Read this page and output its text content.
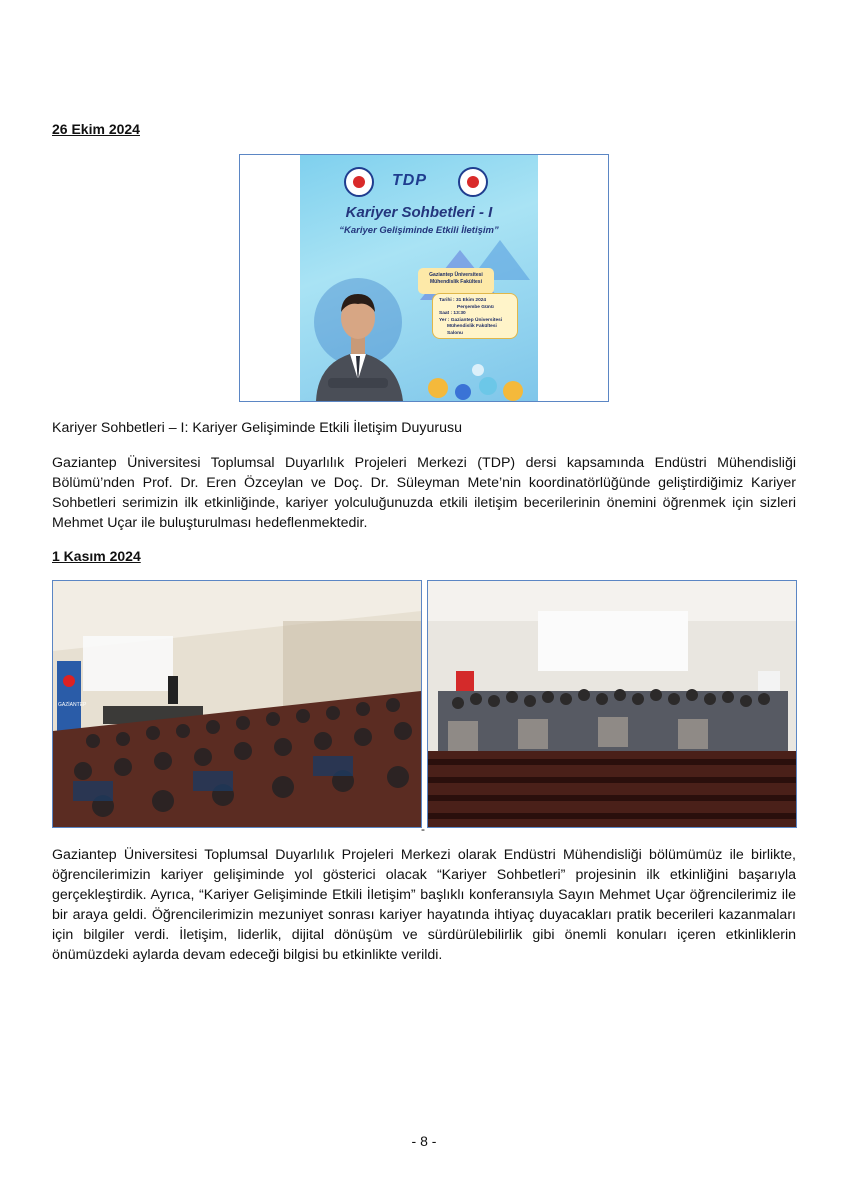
26 Ekim 2024
TDP
Kariyer Sohbetleri - I
“Kariyer Gelişiminde Etkili İletişim”
Gaziantep Üniversitesi Mühendislik Fakültesi
Tarihi : 31 Ekim 2024
Perşembe Günü
Saat : 13:30
Yer : Gaziantep Üniversitesi
Mühendislik Fakültesi Salonu
Kariyer Sohbetleri – I: Kariyer Gelişiminde Etkili İletişim Duyurusu
Gaziantep Üniversitesi Toplumsal Duyarlılık Projeleri Merkezi (TDP) dersi kapsamında Endüstri Mühendisliği Bölümü’nden Prof. Dr. Eren Özceylan ve Doç. Dr. Süleyman Mete’nin koordinatörlüğünde geliştirdiğimiz Kariyer Sohbetleri serimizin ilk etkinliğinde, kariyer yolculuğunuzda etkili iletişim becerilerinin önemini öğrenmek için sizleri Mehmet Uçar ile buluşturulması hedeflenmektedir.
1 Kasım 2024
GAZİANTEP
-
Gaziantep Üniversitesi Toplumsal Duyarlılık Projeleri Merkezi olarak Endüstri Mühendisliği bölümümüz ile birlikte, öğrencilerimizin kariyer gelişiminde yol gösterici olacak “Kariyer Sohbetleri” projesinin ilk etkinliğini başarıyla gerçekleştirdik. Ayrıca, “Kariyer Gelişiminde Etkili İletişim” başlıklı konferansıyla Sayın Mehmet Uçar öğrencilerimiz ile bir araya geldi. Öğrencilerimizin mezuniyet sonrası kariyer hayatında ihtiyaç duyacakları pratik becerileri kazanmaları için bilgiler verdi. İletişim, liderlik, dijital dönüşüm ve sürdürülebilirlik gibi önemli konuları içeren etkinliklerin önümüzdeki aylarda devam edeceği bilgisi bu etkinlikte verildi.
- 8 -
